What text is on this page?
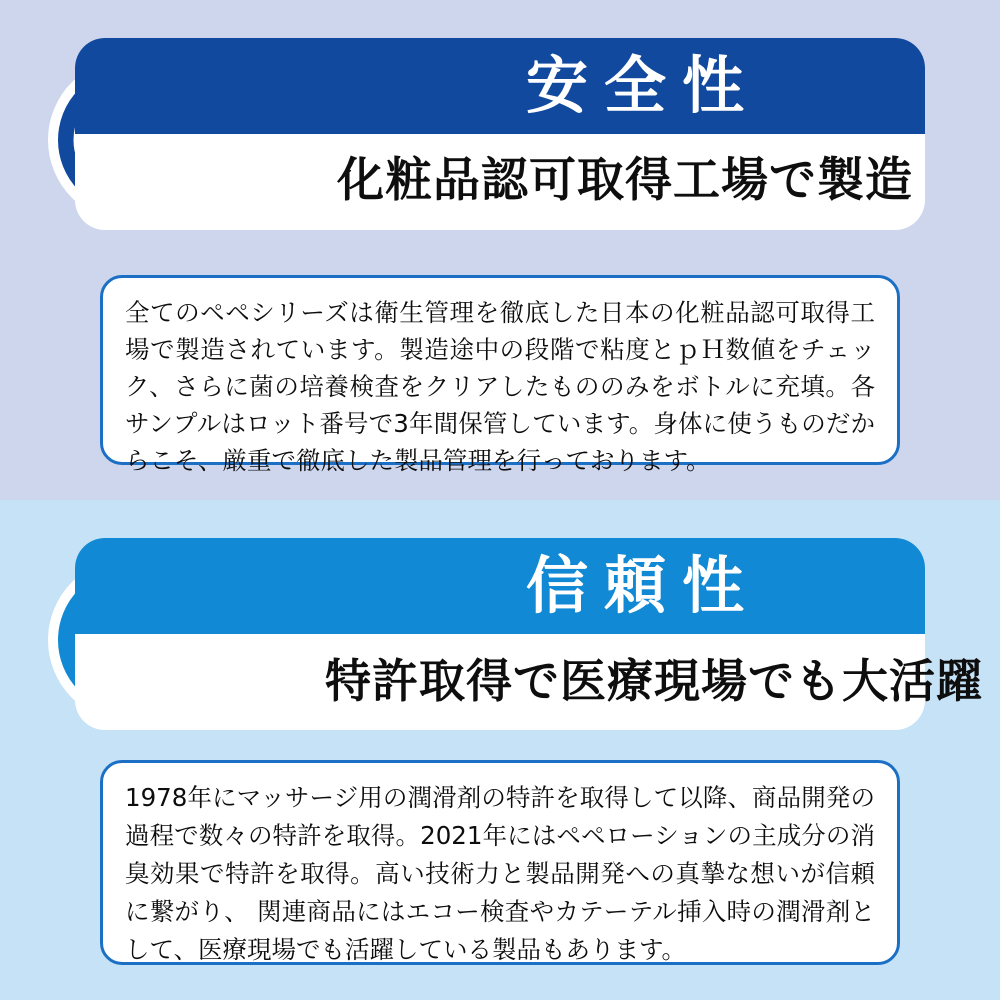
安全性
化粧品認可取得工場で製造
全てのペペシリーズは衛生管理を徹底した日本の化粧品認可取得工場で製造されています。製造途中の段階で粘度とｐＨ数値をチェック、さらに菌の培養検査をクリアしたもののみをボトルに充填。各サンプルはロット番号で3年間保管しています。身体に使うものだからこそ、厳重で徹底した製品管理を行っております。
信頼性
特許取得で医療現場でも大活躍
1978年にマッサージ用の潤滑剤の特許を取得して以降、商品開発の過程で数々の特許を取得。2021年にはペペローションの主成分の消臭効果で特許を取得。高い技術力と製品開発への真摯な想いが信頼に繋がり、 関連商品にはエコー検査やカテーテル挿入時の潤滑剤として、医療現場でも活躍している製品もあります。
